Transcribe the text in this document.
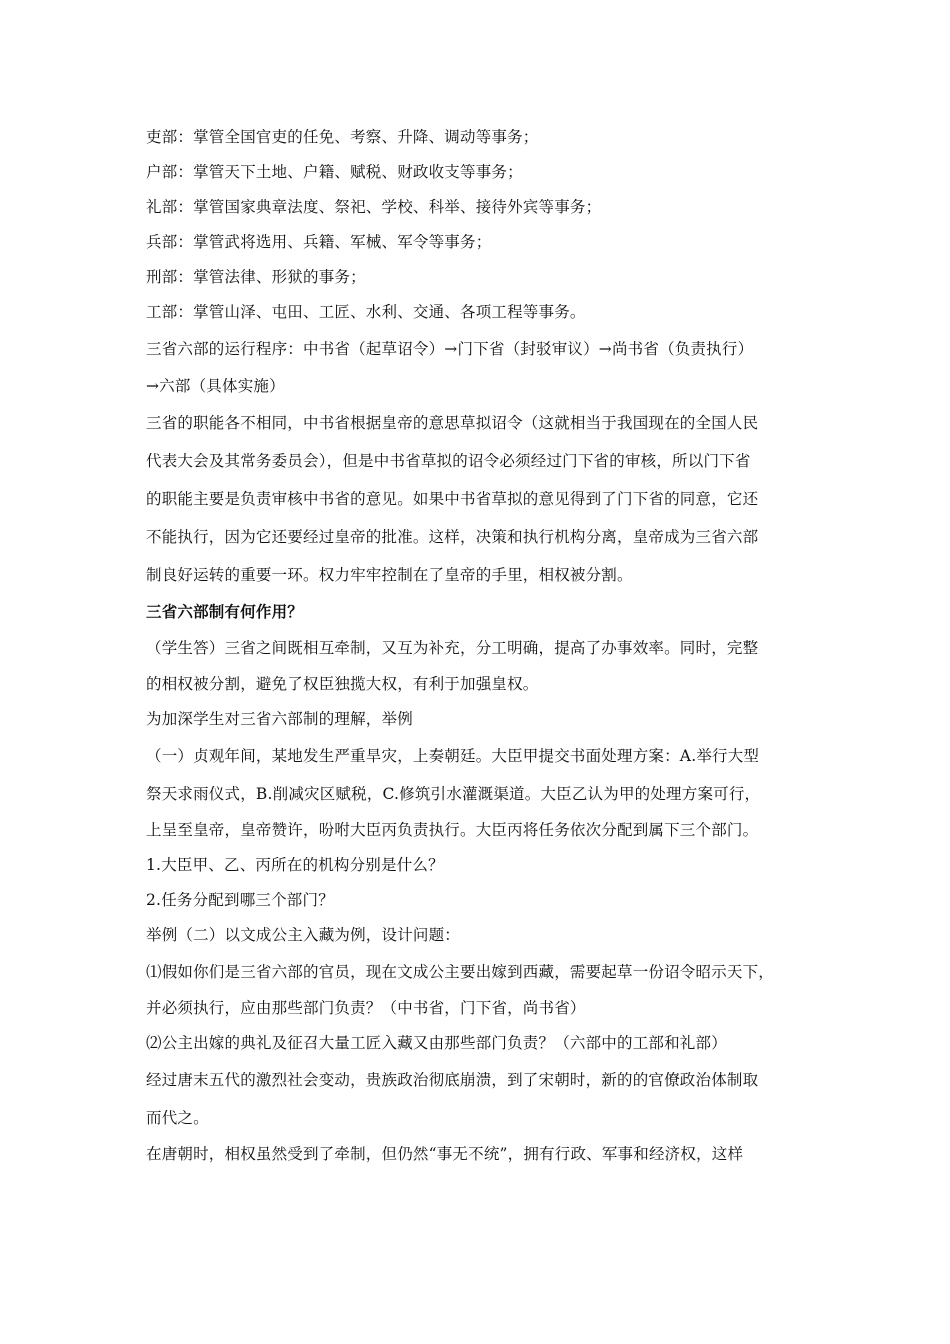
吏部：掌管全国官吏的任免、考察、升降、调动等事务；

户部：掌管天下土地、户籍、赋税、财政收支等事务；

礼部：掌管国家典章法度、祭祀、学校、科举、接待外宾等事务；

兵部：掌管武将选用、兵籍、军械、军令等事务；

刑部：掌管法律、形狱的事务；

工部：掌管山泽、屯田、工匠、水利、交通、各项工程等事务。

三省六部的运行程序：中书省（起草诏令）→门下省（封驳审议）→尚书省（负责执行）

→六部（具体实施）

三省的职能各不相同，中书省根据皇帝的意思草拟诏令（这就相当于我国现在的全国人民

代表大会及其常务委员会），但是中书省草拟的诏令必须经过门下省的审核，所以门下省

的职能主要是负责审核中书省的意见。如果中书省草拟的意见得到了门下省的同意，它还

不能执行，因为它还要经过皇帝的批准。这样，决策和执行机构分离，皇帝成为三省六部

制良好运转的重要一环。权力牢牢控制在了皇帝的手里，相权被分割。

三省六部制有何作用？

（学生答）三省之间既相互牵制，又互为补充，分工明确，提高了办事效率。同时，完整

的相权被分割，避免了权臣独揽大权，有利于加强皇权。

为加深学生对三省六部制的理解，举例

（一）贞观年间，某地发生严重旱灾，上奏朝廷。大臣甲提交书面处理方案：A.举行大型

祭天求雨仪式，B.削减灾区赋税，C.修筑引水灌溉渠道。大臣乙认为甲的处理方案可行，

上呈至皇帝，皇帝赞许，吩咐大臣丙负责执行。大臣丙将任务依次分配到属下三个部门。

1.大臣甲、乙、丙所在的机构分别是什么？

2.任务分配到哪三个部门？

举例（二）以文成公主入藏为例，设计问题：

⑴假如你们是三省六部的官员，现在文成公主要出嫁到西藏，需要起草一份诏令昭示天下，

并必须执行，应由那些部门负责？（中书省，门下省，尚书省）

⑵公主出嫁的典礼及征召大量工匠入藏又由那些部门负责？（六部中的工部和礼部）

经过唐末五代的激烈社会变动，贵族政治彻底崩溃，到了宋朝时，新的的官僚政治体制取

而代之。

在唐朝时，相权虽然受到了牵制，但仍然“事无不统”，拥有行政、军事和经济权，这样
